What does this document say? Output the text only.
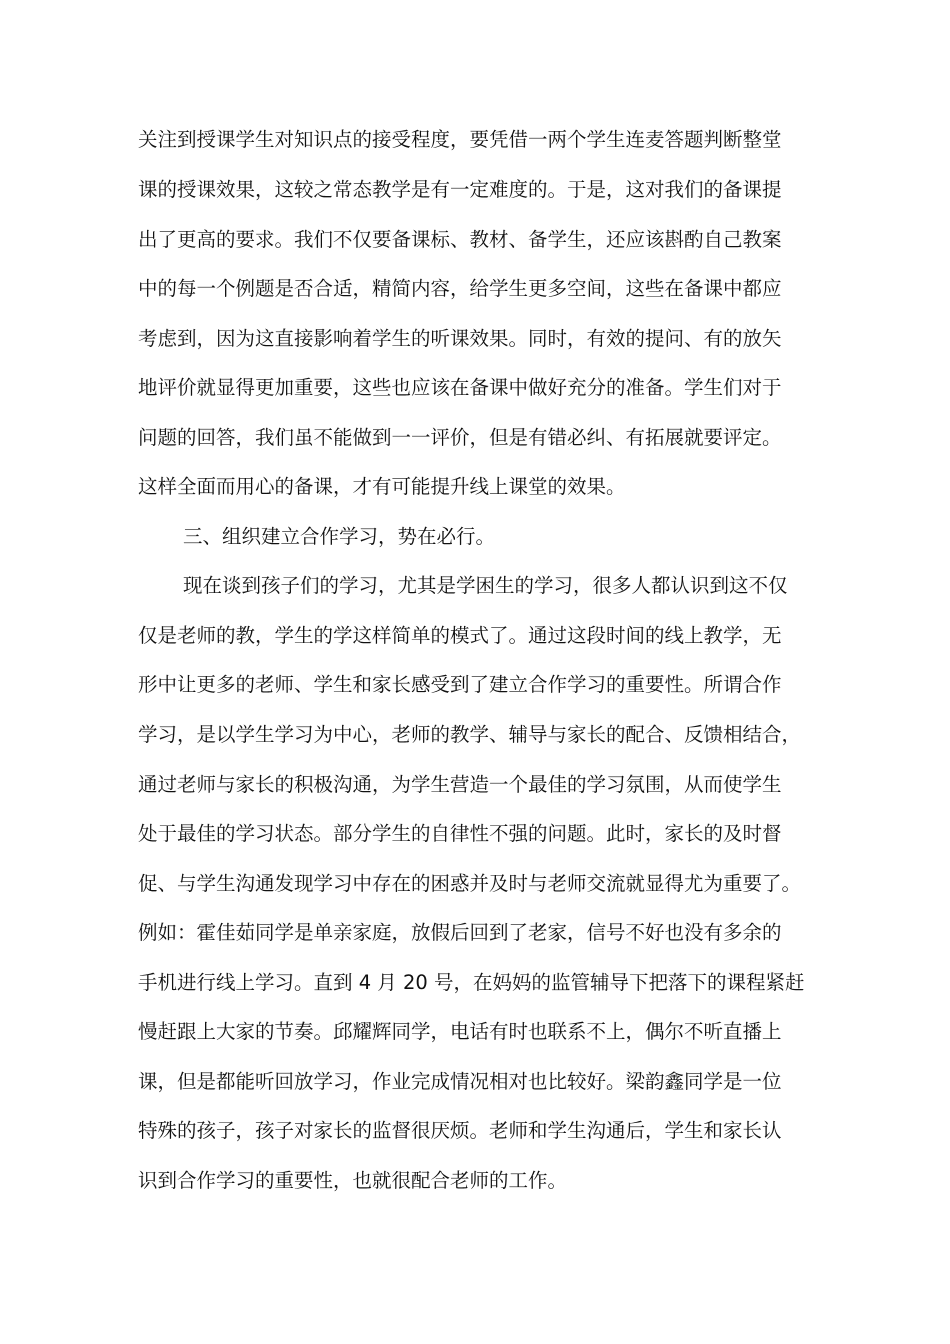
关注到授课学生对知识点的接受程度，要凭借一两个学生连麦答题判断整堂
课的授课效果，这较之常态教学是有一定难度的。于是，这对我们的备课提
出了更高的要求。我们不仅要备课标、教材、备学生，还应该斟酌自己教案
中的每一个例题是否合适，精简内容，给学生更多空间，这些在备课中都应
考虑到，因为这直接影响着学生的听课效果。同时，有效的提问、有的放矢
地评价就显得更加重要，这些也应该在备课中做好充分的准备。学生们对于
问题的回答，我们虽不能做到一一评价，但是有错必纠、有拓展就要评定。
这样全面而用心的备课，才有可能提升线上课堂的效果。
三、组织建立合作学习，势在必行。
现在谈到孩子们的学习，尤其是学困生的学习，很多人都认识到这不仅
仅是老师的教，学生的学这样简单的模式了。通过这段时间的线上教学，无
形中让更多的老师、学生和家长感受到了建立合作学习的重要性。所谓合作
学习，是以学生学习为中心，老师的教学、辅导与家长的配合、反馈相结合，
通过老师与家长的积极沟通，为学生营造一个最佳的学习氛围，从而使学生
处于最佳的学习状态。部分学生的自律性不强的问题。此时，家长的及时督
促、与学生沟通发现学习中存在的困惑并及时与老师交流就显得尤为重要了。
例如：霍佳茹同学是单亲家庭，放假后回到了老家，信号不好也没有多余的
手机进行线上学习。直到 4 月 20 号，在妈妈的监管辅导下把落下的课程紧赶
慢赶跟上大家的节奏。邱耀辉同学，电话有时也联系不上，偶尔不听直播上
课，但是都能听回放学习，作业完成情况相对也比较好。梁韵鑫同学是一位
特殊的孩子，孩子对家长的监督很厌烦。老师和学生沟通后，学生和家长认
识到合作学习的重要性，也就很配合老师的工作。
